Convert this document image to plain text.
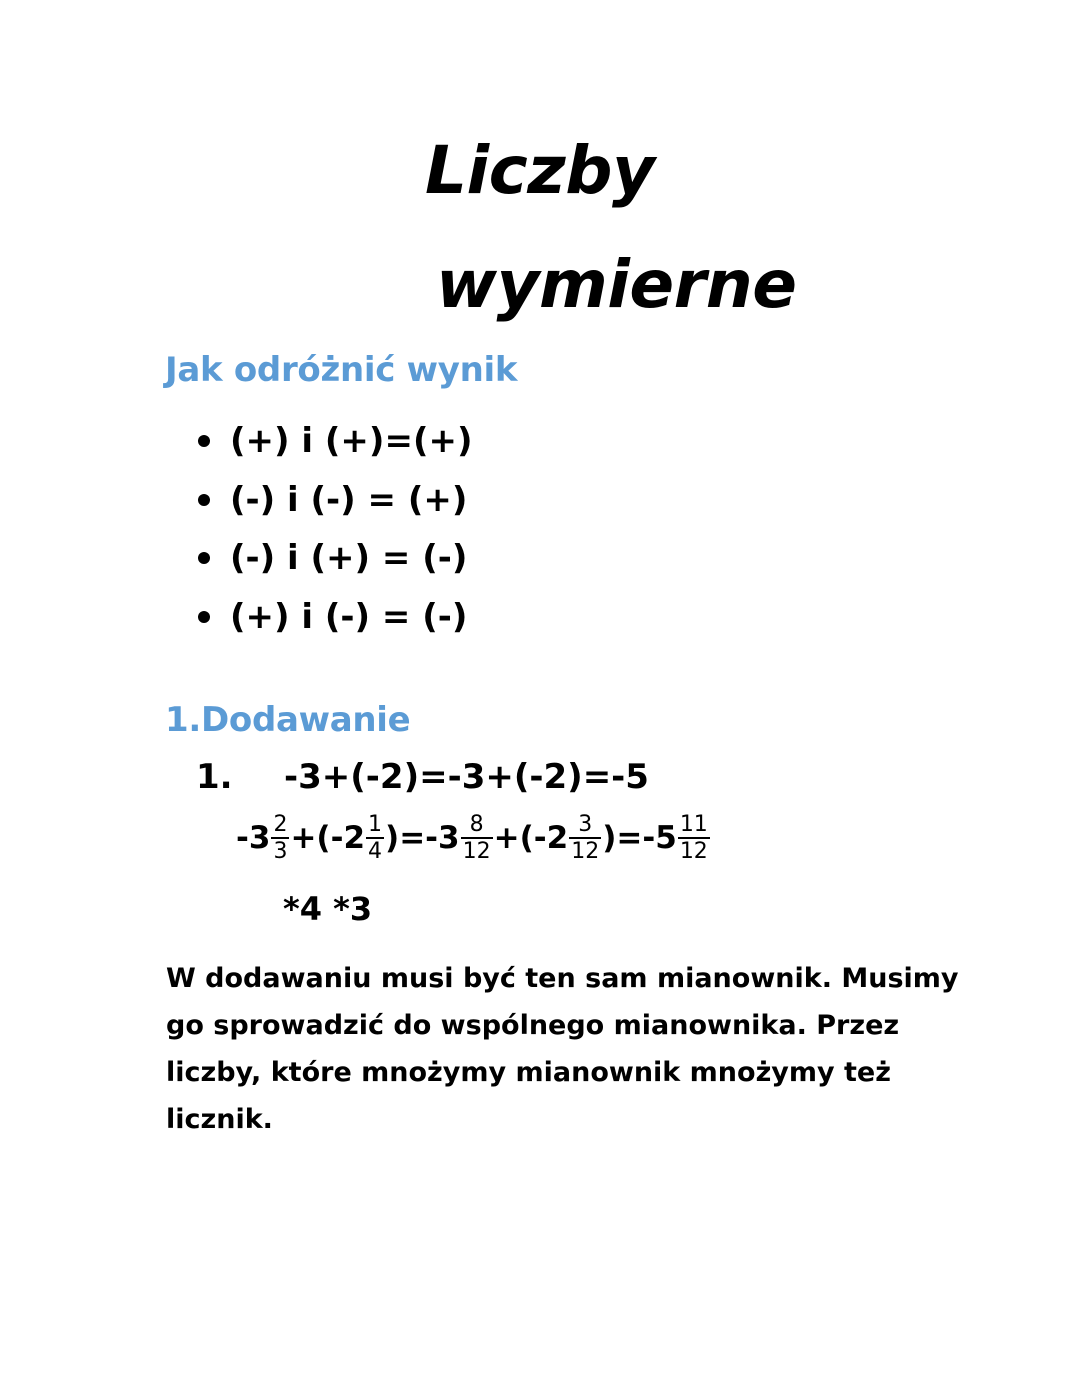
Liczby
wymierne
Jak odróżnić wynik
(+) i (+)=(+)
(-) i (-) = (+)
(-) i (+) = (-)
(+) i (-) = (-)
1.Dodawanie
1. -3+(-2)=-3+(-2)=-5
$-3 \frac{2}{3} +(-2 \frac{1}{4} )=-3 \frac{8}{12} +(-2 \frac{3}{12} )=-5 \frac{11}{12}$
*4 *3
W dodawaniu musi być ten sam mianownik. Musimy
go sprowadzić do wspólnego mianownika. Przez
liczby, które mnożymy mianownik mnożymy też
licznik.
